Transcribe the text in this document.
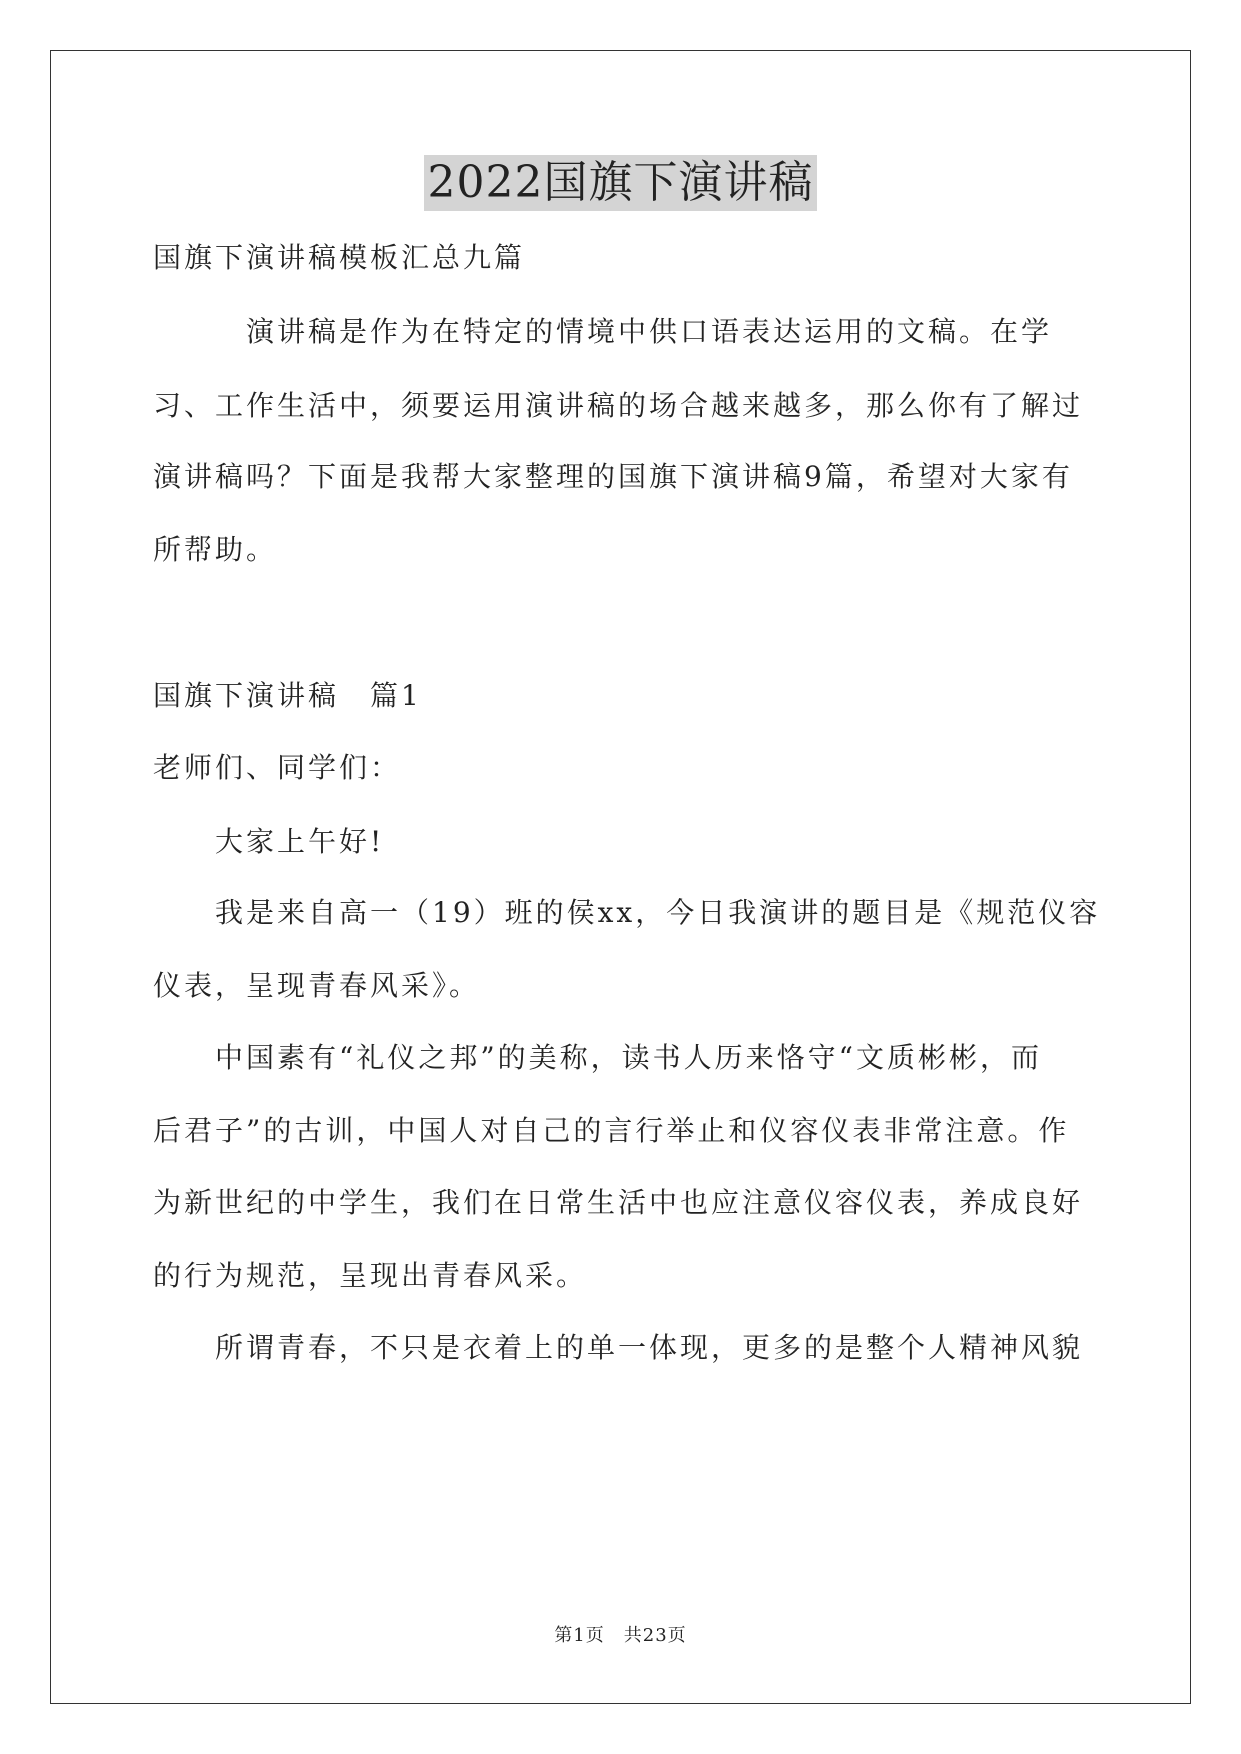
2022国旗下演讲稿
国旗下演讲稿模板汇总九篇
　　　演讲稿是作为在特定的情境中供口语表达运用的文稿。在学
习、工作生活中，须要运用演讲稿的场合越来越多，那么你有了解过
演讲稿吗？下面是我帮大家整理的国旗下演讲稿9篇，希望对大家有
所帮助。
国旗下演讲稿　篇1
老师们、同学们：
　　大家上午好!
　　我是来自高一（19）班的侯xx，今日我演讲的题目是《规范仪容
仪表，呈现青春风采》。
　　中国素有“礼仪之邦”的美称，读书人历来恪守“文质彬彬，而
后君子”的古训，中国人对自己的言行举止和仪容仪表非常注意。作
为新世纪的中学生，我们在日常生活中也应注意仪容仪表，养成良好
的行为规范，呈现出青春风采。
　　所谓青春，不只是衣着上的单一体现，更多的是整个人精神风貌
第1页　共23页
